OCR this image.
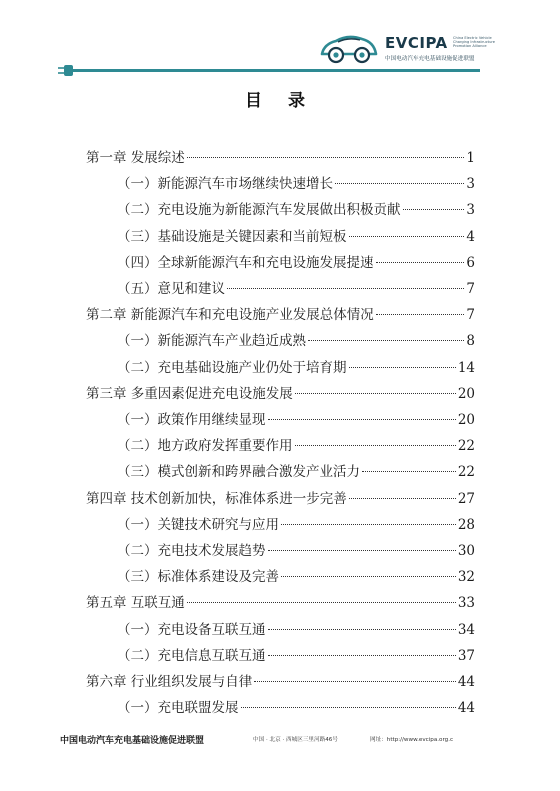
EVCIPA	China Electric Vehicle Charging Infrastructure Promotion Alliance
中国电动汽车充电基础设施促进联盟
目 录
第一章 发展综述	1
（一）新能源汽车市场继续快速增长	3
（二）充电设施为新能源汽车发展做出积极贡献	3
（三）基础设施是关键因素和当前短板	4
（四）全球新能源汽车和充电设施发展提速	6
（五）意见和建议	7
第二章 新能源汽车和充电设施产业发展总体情况	7
（一）新能源汽车产业趋近成熟	8
（二）充电基础设施产业仍处于培育期	14
第三章 多重因素促进充电设施发展	20
（一）政策作用继续显现	20
（二）地方政府发挥重要作用	22
（三）模式创新和跨界融合激发产业活力	22
第四章 技术创新加快，标准体系进一步完善	27
（一）关键技术研究与应用	28
（二）充电技术发展趋势	30
（三）标准体系建设及完善	32
第五章 互联互通	33
（一）充电设备互联互通	34
（二）充电信息互联互通	37
第六章 行业组织发展与自律	44
（一）充电联盟发展	44
中国电动汽车充电基础设施促进联盟	中国 · 北京 · 西城区三里河路46号	网址：http://www.evcipa.org.c
